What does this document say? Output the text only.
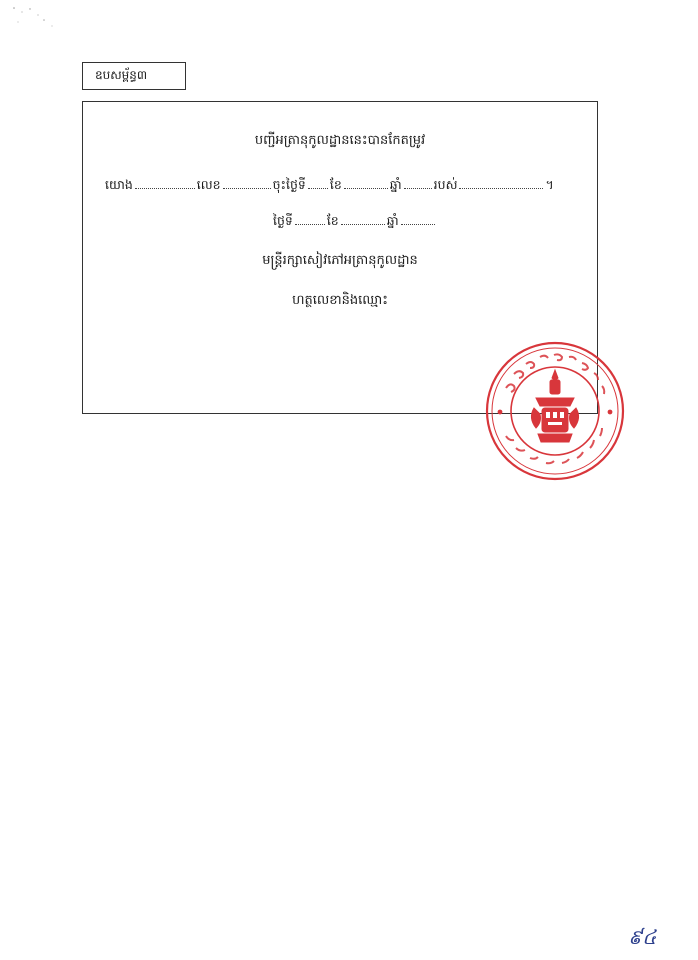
ឧបសម្ព័ន្ធ៣
បញ្ជីអត្រានុកូលដ្ឋាននេះបានកែតម្រូវ
យោង	លេខ	ចុះថ្ងៃទី ខែ	ឆ្នាំ	របស់	។
ថ្ងៃទី	ខែ	ឆ្នាំ
មន្ត្រីរក្សាសៀវភៅអត្រានុកូលដ្ឋាន
ហត្ថលេខានិងឈ្មោះ
៩៤
